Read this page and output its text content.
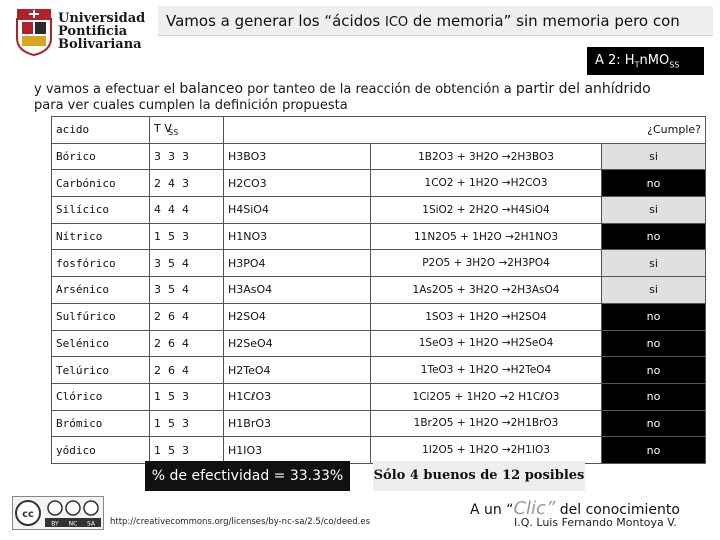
Universidad
Pontificia
Bolivariana
Vamos a generar los “ácidos ICO de memoria” sin memoria pero con
A 2: $H_TnMO_{SS}$
y vamos a efectuar el balanceo por tanteo de la reacción de obtención a partir del anhídrido
para ver cuales cumplen la definición propuesta
acido	T $V_{SS}$	¿Cumple?		
Bórico	3 3 3	H3BO3	1B2O3 + 3H2O →2H3BO3	si
Carbónico	2 4 3	H2CO3	1CO2 + 1H2O →H2CO3	no
Silícico	4 4 4	H4SiO4	1SiO2 + 2H2O →H4SiO4	si
Nítrico	1 5 3	H1NO3	11N2O5 + 1H2O →2H1NO3	no
fosfórico	3 5 4	H3PO4	P2O5 + 3H2O →2H3PO4	si
Arsénico	3 5 4	H3AsO4	1As2O5 + 3H2O →2H3AsO4	si
Sulfúrico	2 6 4	H2SO4	1SO3 + 1H2O →H2SO4	no
Selénico	2 6 4	H2SeO4	1SeO3 + 1H2O →H2SeO4	no
Telúrico	2 6 4	H2TeO4	1TeO3 + 1H2O →H2TeO4	no
Clórico	1 5 3	H1CℓO3	1Cl2O5 + 1H2O →2 H1CℓO3	no
Brómico	1 5 3	H1BrO3	1Br2O5 + 1H2O →2H1BrO3	no
yódico	1 5 3	H1IO3	1I2O5 + 1H2O →2H1IO3	no
% de efectividad = 33.33%	Sólo 4 buenos de 12 posibles
cc
BY NC SA http://creativecommons.org/licenses/by-nc-sa/2.5/co/deed.es
A un “Clic” del conocimiento
I.Q. Luis Fernando Montoya V.
